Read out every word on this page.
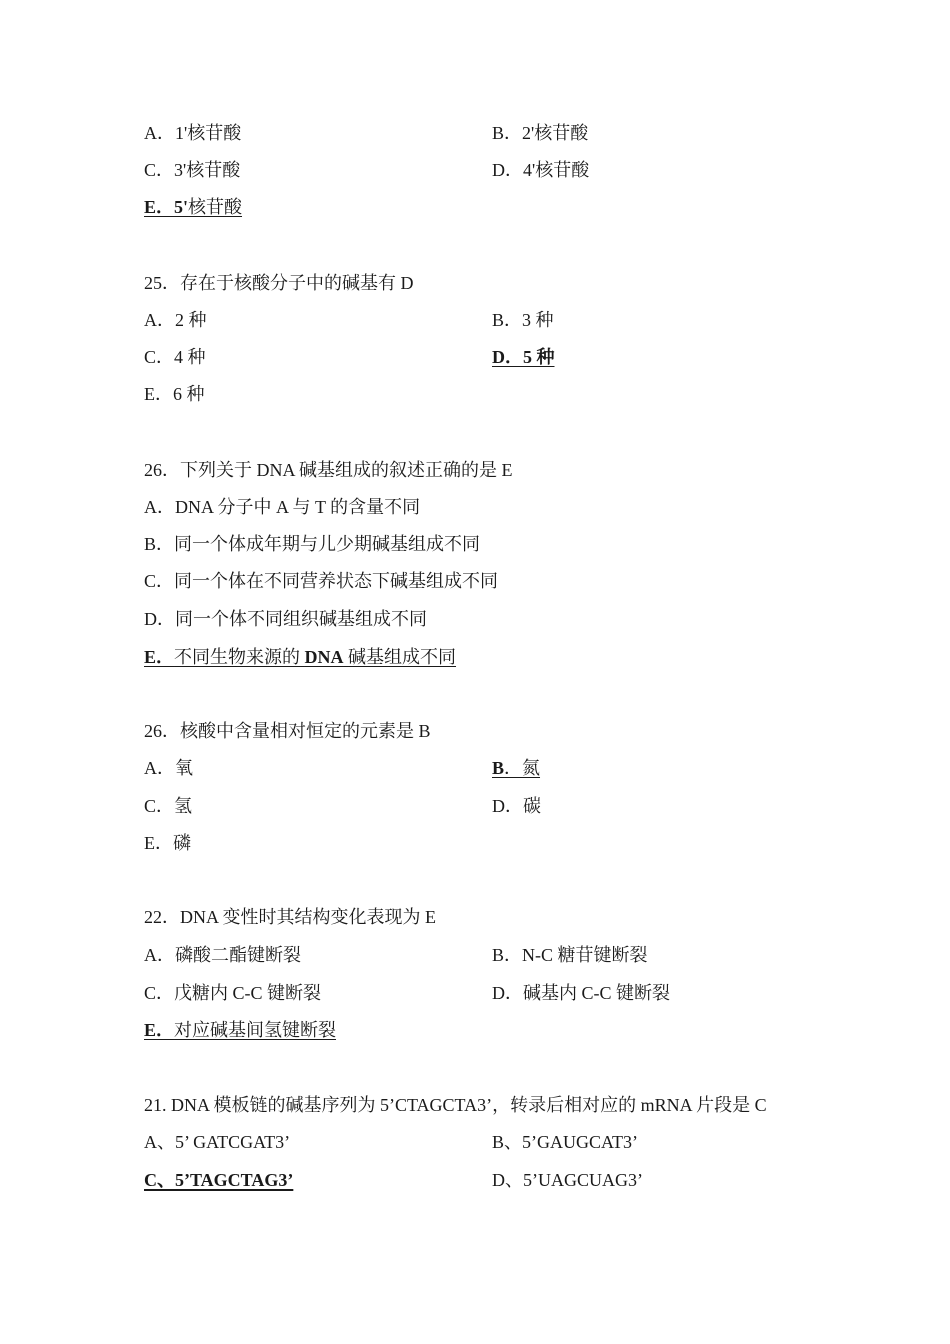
A．1'核苷酸	B．2'核苷酸
C．3'核苷酸	D．4'核苷酸
E．5'核苷酸
25．存在于核酸分子中的碱基有 D
A．2 种	B．3 种
C．4 种	D．5 种
E．6 种
26．下列关于 DNA 碱基组成的叙述正确的是 E
A．DNA 分子中 A 与 T 的含量不同
B．同一个体成年期与儿少期碱基组成不同
C．同一个体在不同营养状态下碱基组成不同
D．同一个体不同组织碱基组成不同
E．不同生物来源的 DNA 碱基组成不同
26．核酸中含量相对恒定的元素是 B
A．氧	B．氮
C．氢	D．碳
E．磷
22．DNA 变性时其结构变化表现为 E
A．磷酸二酯键断裂	B．N-C 糖苷键断裂
C．戊糖内 C-C 键断裂	D．碱基内 C-C 键断裂
E．对应碱基间氢键断裂
21. DNA 模板链的碱基序列为 5’CTAGCTA3’，转录后相对应的 mRNA 片段是 C
A、5’ GATCGAT3’	B、5’GAUGCAT3’
C、5’TAGCTAG3’	D、5’UAGCUAG3’
